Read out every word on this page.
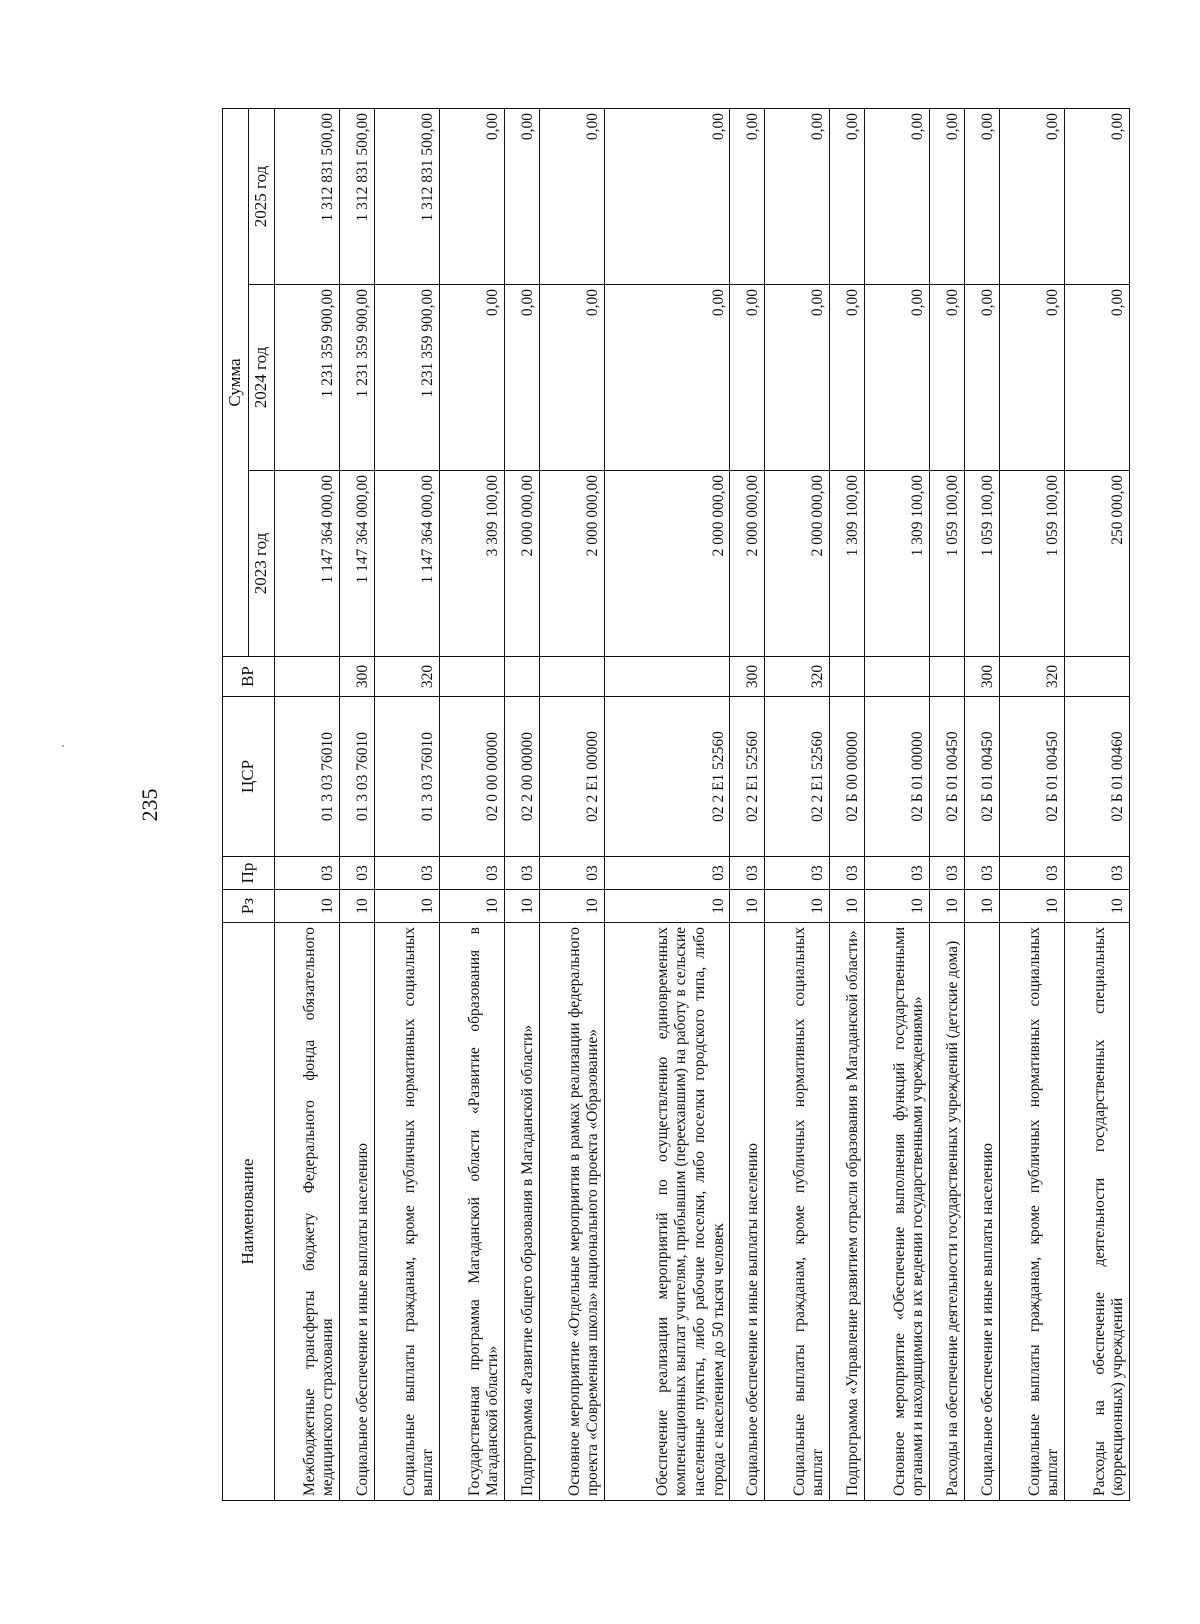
235
Наименование	Рз	Пр	ЦСР	ВР	Сумма		
					2023 год	2024 год	2025 год
Межбюджетные трансферты бюджету Федерального фонда обязательного медицинского страхования	10	03	01 3 03 76010		1 147 364 000,00	1 231 359 900,00	1 312 831 500,00
Социальное обеспечение и иные выплаты населению	10	03	01 3 03 76010	300	1 147 364 000,00	1 231 359 900,00	1 312 831 500,00
Социальные выплаты гражданам, кроме публичных нормативных социальных выплат	10	03	01 3 03 76010	320	1 147 364 000,00	1 231 359 900,00	1 312 831 500,00
Государственная программа Магаданской области «Развитие образования в Магаданской области»	10	03	02 0 00 00000		3 309 100,00	0,00	0,00
Подпрограмма «Развитие общего образования в Магаданской области»	10	03	02 2 00 00000		2 000 000,00	0,00	0,00
Основное мероприятие «Отдельные мероприятия в рамках реализации федерального проекта «Современная школа» национального проекта «Образование»	10	03	02 2 E1 00000		2 000 000,00	0,00	0,00
Обеспечение реализации мероприятий по осуществлению единовременных компенсационных выплат учителям, прибывшим (переехавшим) на работу в сельские населенные пункты, либо рабочие поселки, либо поселки городского типа, либо города с населением до 50 тысяч человек	10	03	02 2 E1 52560		2 000 000,00	0,00	0,00
Социальное обеспечение и иные выплаты населению	10	03	02 2 E1 52560	300	2 000 000,00	0,00	0,00
Социальные выплаты гражданам, кроме публичных нормативных социальных выплат	10	03	02 2 E1 52560	320	2 000 000,00	0,00	0,00
Подпрограмма «Управление развитием отрасли образования в Магаданской области»	10	03	02 Б 00 00000		1 309 100,00	0,00	0,00
Основное мероприятие «Обеспечение выполнения функций государственными органами и находящимися в их ведении государственными учреждениями»	10	03	02 Б 01 00000		1 309 100,00	0,00	0,00
Расходы на обеспечение деятельности государственных учреждений (детские дома)	10	03	02 Б 01 00450		1 059 100,00	0,00	0,00
Социальное обеспечение и иные выплаты населению	10	03	02 Б 01 00450	300	1 059 100,00	0,00	0,00
Социальные выплаты гражданам, кроме публичных нормативных социальных выплат	10	03	02 Б 01 00450	320	1 059 100,00	0,00	0,00
Расходы на обеспечение деятельности государственных специальных (коррекционных) учреждений	10	03	02 Б 01 00460		250 000,00	0,00	0,00
